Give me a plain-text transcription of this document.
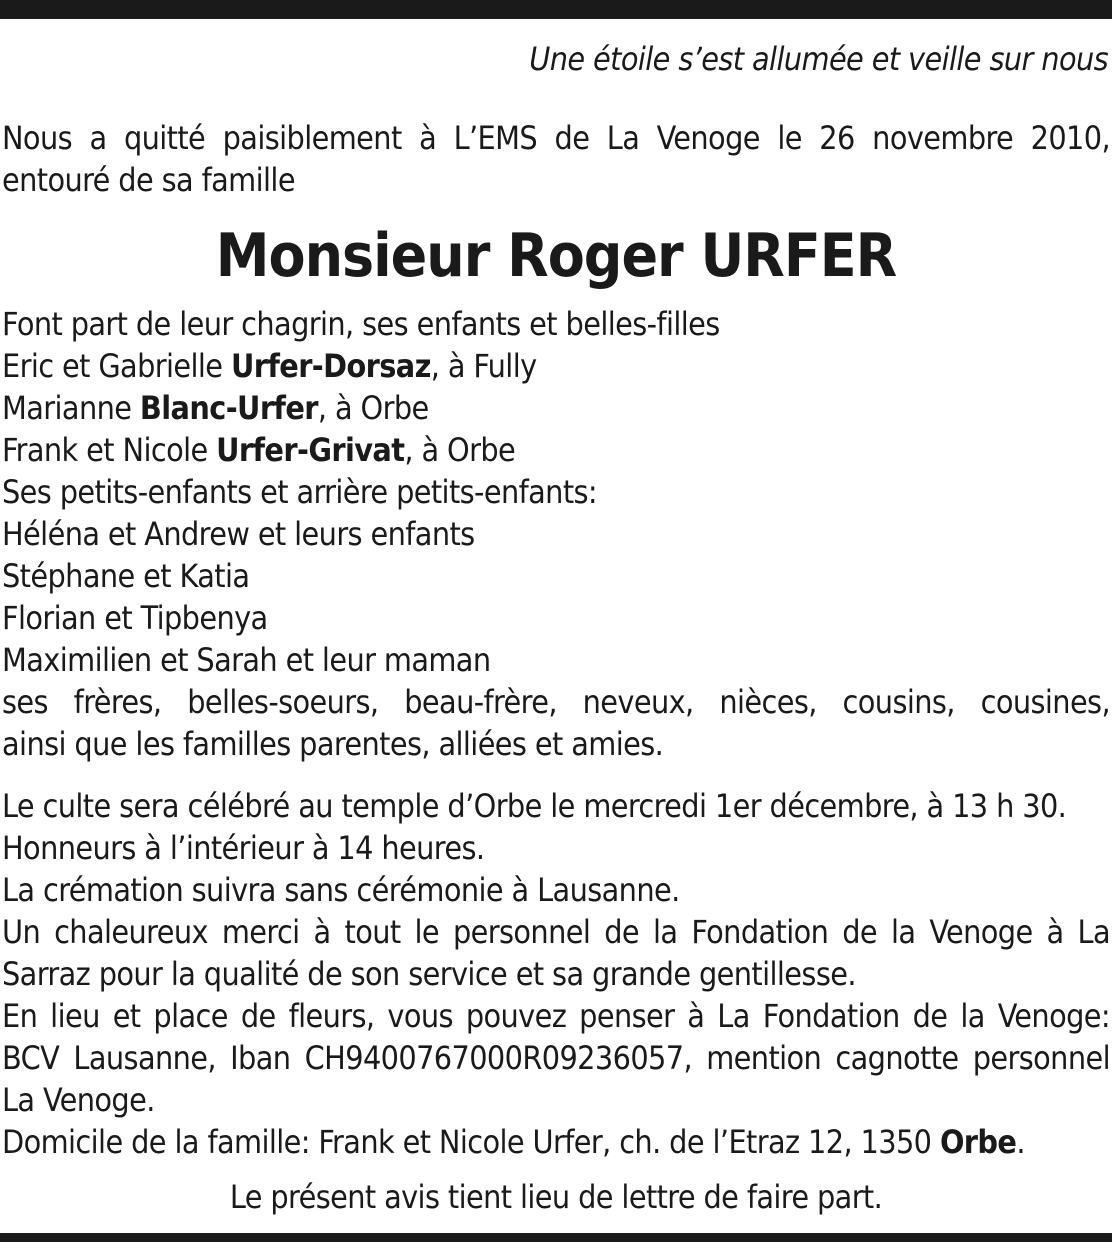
Une étoile s’est allumée et veille sur nous
Nous a quitté paisiblement à L’EMS de La Venoge le 26 novembre 2010, entouré de sa famille
Monsieur Roger URFER
Font part de leur chagrin, ses enfants et belles-filles
Eric et Gabrielle Urfer-Dorsaz, à Fully
Marianne Blanc-Urfer, à Orbe
Frank et Nicole Urfer-Grivat, à Orbe
Ses petits-enfants et arrière petits-enfants:
Héléna et Andrew et leurs enfants
Stéphane et Katia
Florian et Tipbenya
Maximilien et Sarah et leur maman
ses frères, belles-soeurs, beau-frère, neveux, nièces, cousins, cousines,
ainsi que les familles parentes, alliées et amies.
Le culte sera célébré au temple d’Orbe le mercredi 1er décembre, à 13 h 30.
Honneurs à l’intérieur à 14 heures.
La crémation suivra sans cérémonie à Lausanne.
Un chaleureux merci à tout le personnel de la Fondation de la Venoge à La Sarraz pour la qualité de son service et sa grande gentillesse.
En lieu et place de fleurs, vous pouvez penser à La Fondation de la Venoge: BCV Lausanne, Iban CH9400767000R09236057, mention cagnotte personnel La Venoge.
Domicile de la famille: Frank et Nicole Urfer, ch. de l’Etraz 12, 1350 Orbe.
Le présent avis tient lieu de lettre de faire part.
